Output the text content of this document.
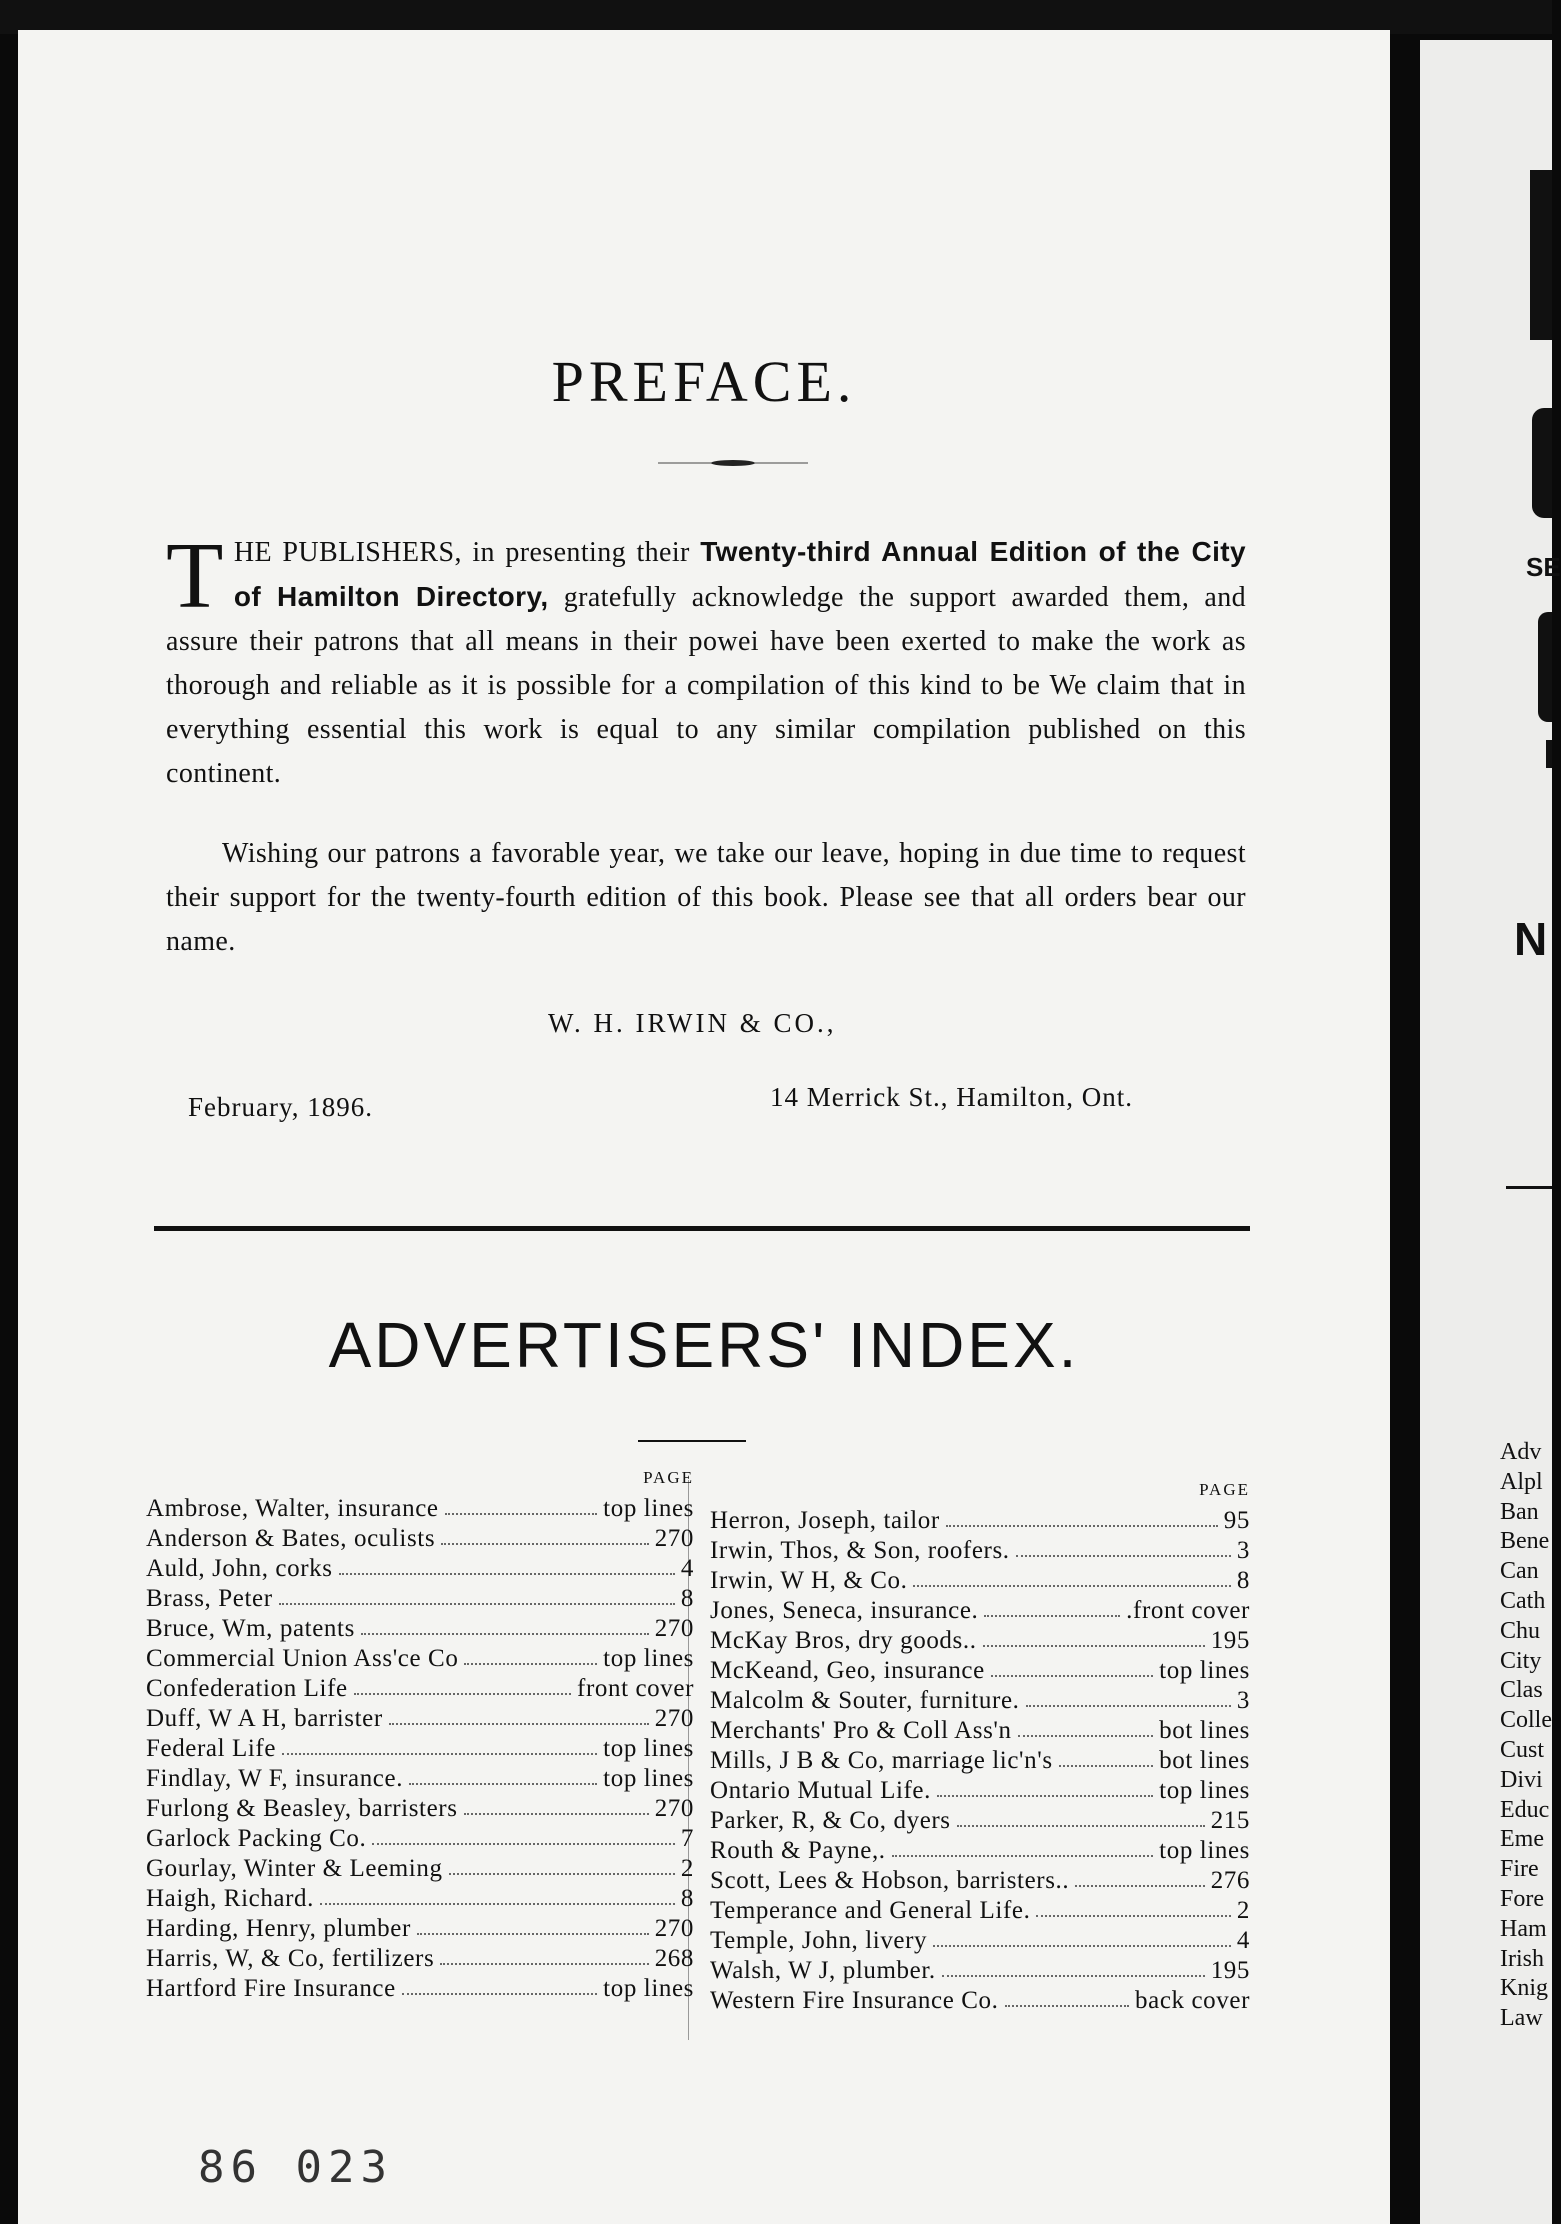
PREFACE.

T HE PUBLISHERS, in presenting their Twenty-third Annual Edition of the City of Hamilton Directory, gratefully acknowledge the support awarded them, and assure their patrons that all means in their powei have been exerted to make the work as thorough and reliable as it is possible for a compilation of this kind to be We claim that in everything essential this work is equal to any similar compilation published on this continent.

Wishing our patrons a favorable year, we take our leave, hoping in due time to request their support for the twenty-fourth edition of this book. Please see that all orders bear our name.

W. H. IRWIN & CO.,
February, 1896.	14 Merrick St., Hamilton, Ont.
ADVERTISERS' INDEX.
PAGE
Ambrose, Walter, insurance	top lines
Anderson & Bates, oculists	270
Auld, John, corks	4
Brass, Peter	8
Bruce, Wm, patents	270
Commercial Union Ass'ce Co	top lines
Confederation Life	front cover
Duff, W A H, barrister	270
Federal Life	top lines
Findlay, W F, insurance.	top lines
Furlong & Beasley, barristers	270
Garlock Packing Co.	7
Gourlay, Winter & Leeming	2
Haigh, Richard.	8
Harding, Henry, plumber	270
Harris, W, & Co, fertilizers	268
Hartford Fire Insurance	top lines
PAGE
Herron, Joseph, tailor	95
Irwin, Thos, & Son, roofers.	3
Irwin, W H, & Co.	8
Jones, Seneca, insurance.	.front cover
McKay Bros, dry goods..	195
McKeand, Geo, insurance	top lines
Malcolm & Souter, furniture.	3
Merchants' Pro & Coll Ass'n	bot lines
Mills, J B & Co, marriage lic'n's	bot lines
Ontario Mutual Life.	top lines
Parker, R, & Co, dyers	215
Routh & Payne,.	top lines
Scott, Lees & Hobson, barristers..	276
Temperance and General Life.	2
Temple, John, livery	4
Walsh, W J, plumber.	195
Western Fire Insurance Co.	back cover
86 023
SE
N
Adv
Alpl
Ban
Bene
Can
Cath
Chu
City
Clas
Colle
Cust
Divi
Educ
Eme
Fire
Fore
Ham
Irish
Knig
Law
